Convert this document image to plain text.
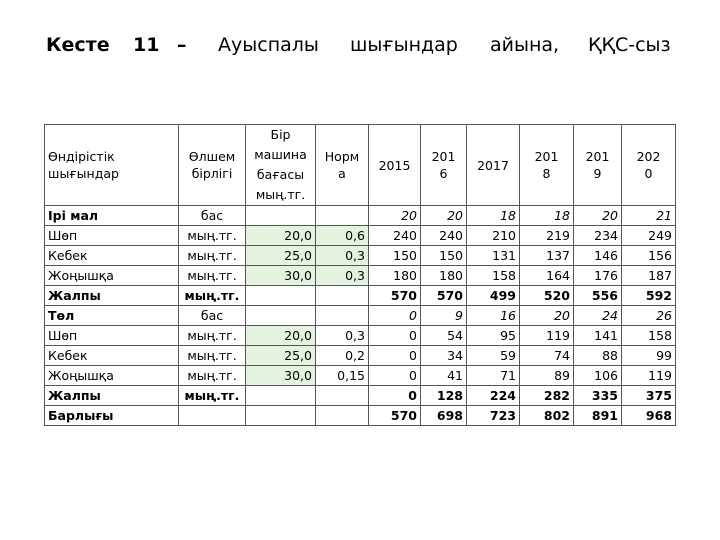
Кесте 11 – Ауыспалы шығындар айына, ҚҚС-сыз
Өндірістік шығындар	Өлшем бірлігі	Бір машина бағасы мың.тг.	Норм а	2015	201 6	2017	201 8	201 9	202 0

Ірі мал	бас			20	20	18	18	20	21
Шөп	мың.тг.	20,0	0,6	240	240	210	219	234	249
Кебек	мың.тг.	25,0	0,3	150	150	131	137	146	156
Жоңышқа	мың.тг.	30,0	0,3	180	180	158	164	176	187
Жалпы	мың.тг.			570	570	499	520	556	592
Төл	бас			0	9	16	20	24	26
Шөп	мың.тг.	20,0	0,3	0	54	95	119	141	158
Кебек	мың.тг.	25,0	0,2	0	34	59	74	88	99
Жоңышқа	мың.тг.	30,0	0,15	0	41	71	89	106	119
Жалпы	мың.тг.			0	128	224	282	335	375
Барлығы				570	698	723	802	891	968
